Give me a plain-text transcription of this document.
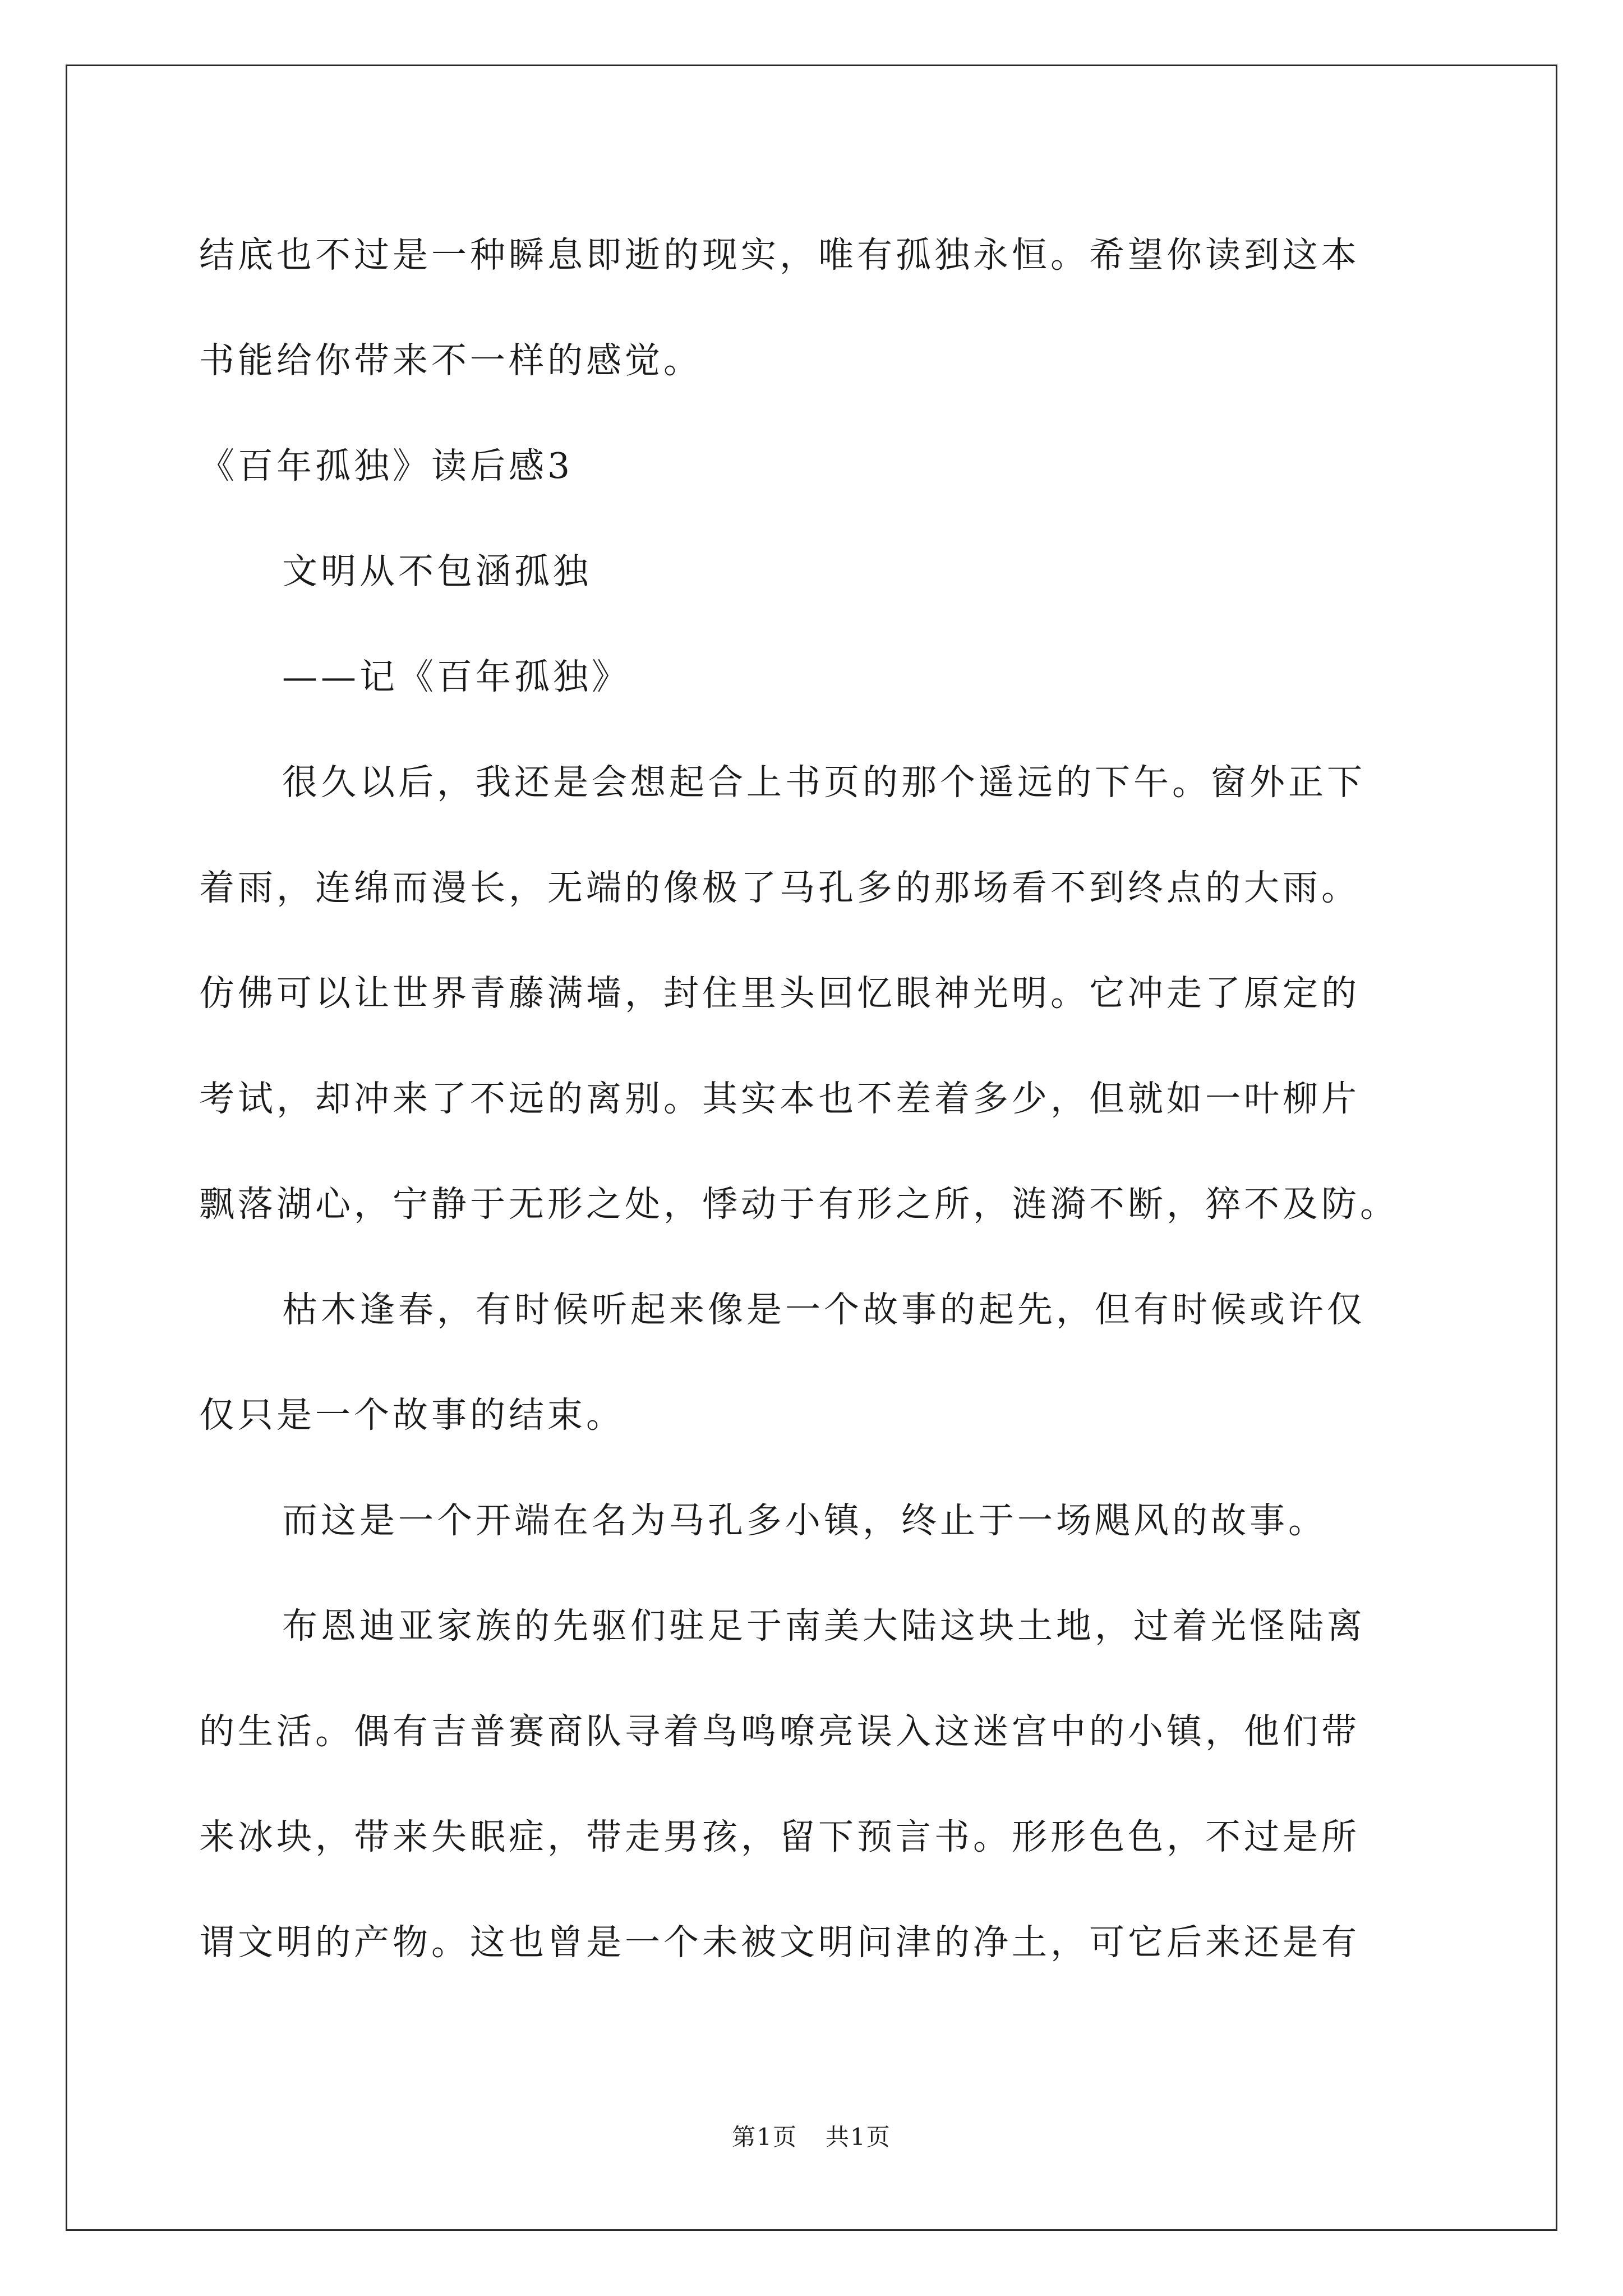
结底也不过是一种瞬息即逝的现实，唯有孤独永恒。希望你读到这本
书能给你带来不一样的感觉。
《百年孤独》读后感3
文明从不包涵孤独
——记《百年孤独》
很久以后，我还是会想起合上书页的那个遥远的下午。窗外正下
着雨，连绵而漫长，无端的像极了马孔多的那场看不到终点的大雨。
仿佛可以让世界青藤满墙，封住里头回忆眼神光明。它冲走了原定的
考试，却冲来了不远的离别。其实本也不差着多少，但就如一叶柳片
飘落湖心，宁静于无形之处，悸动于有形之所，涟漪不断，猝不及防。
枯木逢春，有时候听起来像是一个故事的起先，但有时候或许仅
仅只是一个故事的结束。
而这是一个开端在名为马孔多小镇，终止于一场飓风的故事。
布恩迪亚家族的先驱们驻足于南美大陆这块土地，过着光怪陆离
的生活。偶有吉普赛商队寻着鸟鸣嘹亮误入这迷宫中的小镇，他们带
来冰块，带来失眠症，带走男孩，留下预言书。形形色色，不过是所
谓文明的产物。这也曾是一个未被文明问津的净土，可它后来还是有
第1页 共1页
